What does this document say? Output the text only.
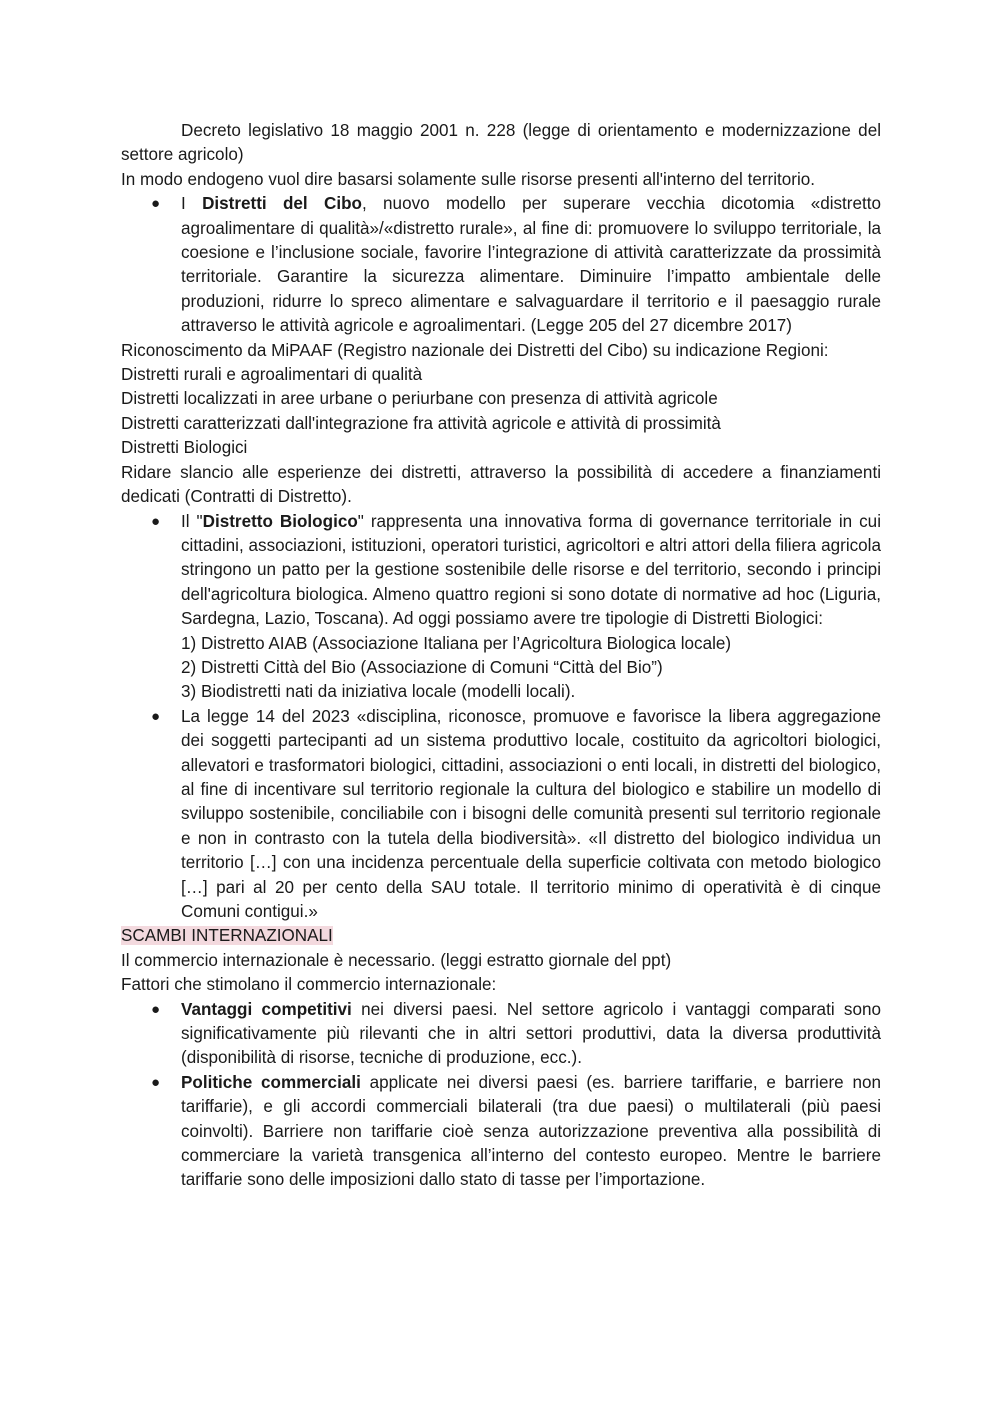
Decreto legislativo 18 maggio 2001 n. 228 (legge di orientamento e modernizzazione del settore agricolo)

In modo endogeno vuol dire basarsi solamente sulle risorse presenti all'interno del territorio.

● I Distretti del Cibo, nuovo modello per superare vecchia dicotomia «distretto agroalimentare di qualità»/«distretto rurale», al fine di: promuovere lo sviluppo territoriale, la coesione e l’inclusione sociale, favorire l’integrazione di attività caratterizzate da prossimità territoriale. Garantire la sicurezza alimentare. Diminuire l’impatto ambientale delle produzioni, ridurre lo spreco alimentare e salvaguardare il territorio e il paesaggio rurale attraverso le attività agricole e agroalimentari. (Legge 205 del 27 dicembre 2017)

Riconoscimento da MiPAAF (Registro nazionale dei Distretti del Cibo) su indicazione Regioni:

Distretti rurali e agroalimentari di qualità

Distretti localizzati in aree urbane o periurbane con presenza di attività agricole

Distretti caratterizzati dall'integrazione fra attività agricole e attività di prossimità

Distretti Biologici

Ridare slancio alle esperienze dei distretti, attraverso la possibilità di accedere a finanziamenti dedicati (Contratti di Distretto).

● Il "Distretto Biologico" rappresenta una innovativa forma di governance territoriale in cui cittadini, associazioni, istituzioni, operatori turistici, agricoltori e altri attori della filiera agricola stringono un patto per la gestione sostenibile delle risorse e del territorio, secondo i principi dell'agricoltura biologica. Almeno quattro regioni si sono dotate di normative ad hoc (Liguria, Sardegna, Lazio, Toscana). Ad oggi possiamo avere tre tipologie di Distretti Biologici:
1) Distretto AIAB (Associazione Italiana per l’Agricoltura Biologica locale)
2) Distretti Città del Bio (Associazione di Comuni “Città del Bio”)
3) Biodistretti nati da iniziativa locale (modelli locali).
● La legge 14 del 2023 «disciplina, riconosce, promuove e favorisce la libera aggregazione dei soggetti partecipanti ad un sistema produttivo locale, costituito da agricoltori biologici, allevatori e trasformatori biologici, cittadini, associazioni o enti locali, in distretti del biologico, al fine di incentivare sul territorio regionale la cultura del biologico e stabilire un modello di sviluppo sostenibile, conciliabile con i bisogni delle comunità presenti sul territorio regionale e non in contrasto con la tutela della biodiversità». «Il distretto del biologico individua un territorio […] con una incidenza percentuale della superficie coltivata con metodo biologico […] pari al 20 per cento della SAU totale. Il territorio minimo di operatività è di cinque Comuni contigui.»

SCAMBI INTERNAZIONALI

Il commercio internazionale è necessario. (leggi estratto giornale del ppt)

Fattori che stimolano il commercio internazionale:

● Vantaggi competitivi nei diversi paesi. Nel settore agricolo i vantaggi comparati sono significativamente più rilevanti che in altri settori produttivi, data la diversa produttività (disponibilità di risorse, tecniche di produzione, ecc.).
● Politiche commerciali applicate nei diversi paesi (es. barriere tariffarie, e barriere non tariffarie), e gli accordi commerciali bilaterali (tra due paesi) o multilaterali (più paesi coinvolti). Barriere non tariffarie cioè senza autorizzazione preventiva alla possibilità di commerciare la varietà transgenica all’interno del contesto europeo. Mentre le barriere tariffarie sono delle imposizioni dallo stato di tasse per l’importazione.
